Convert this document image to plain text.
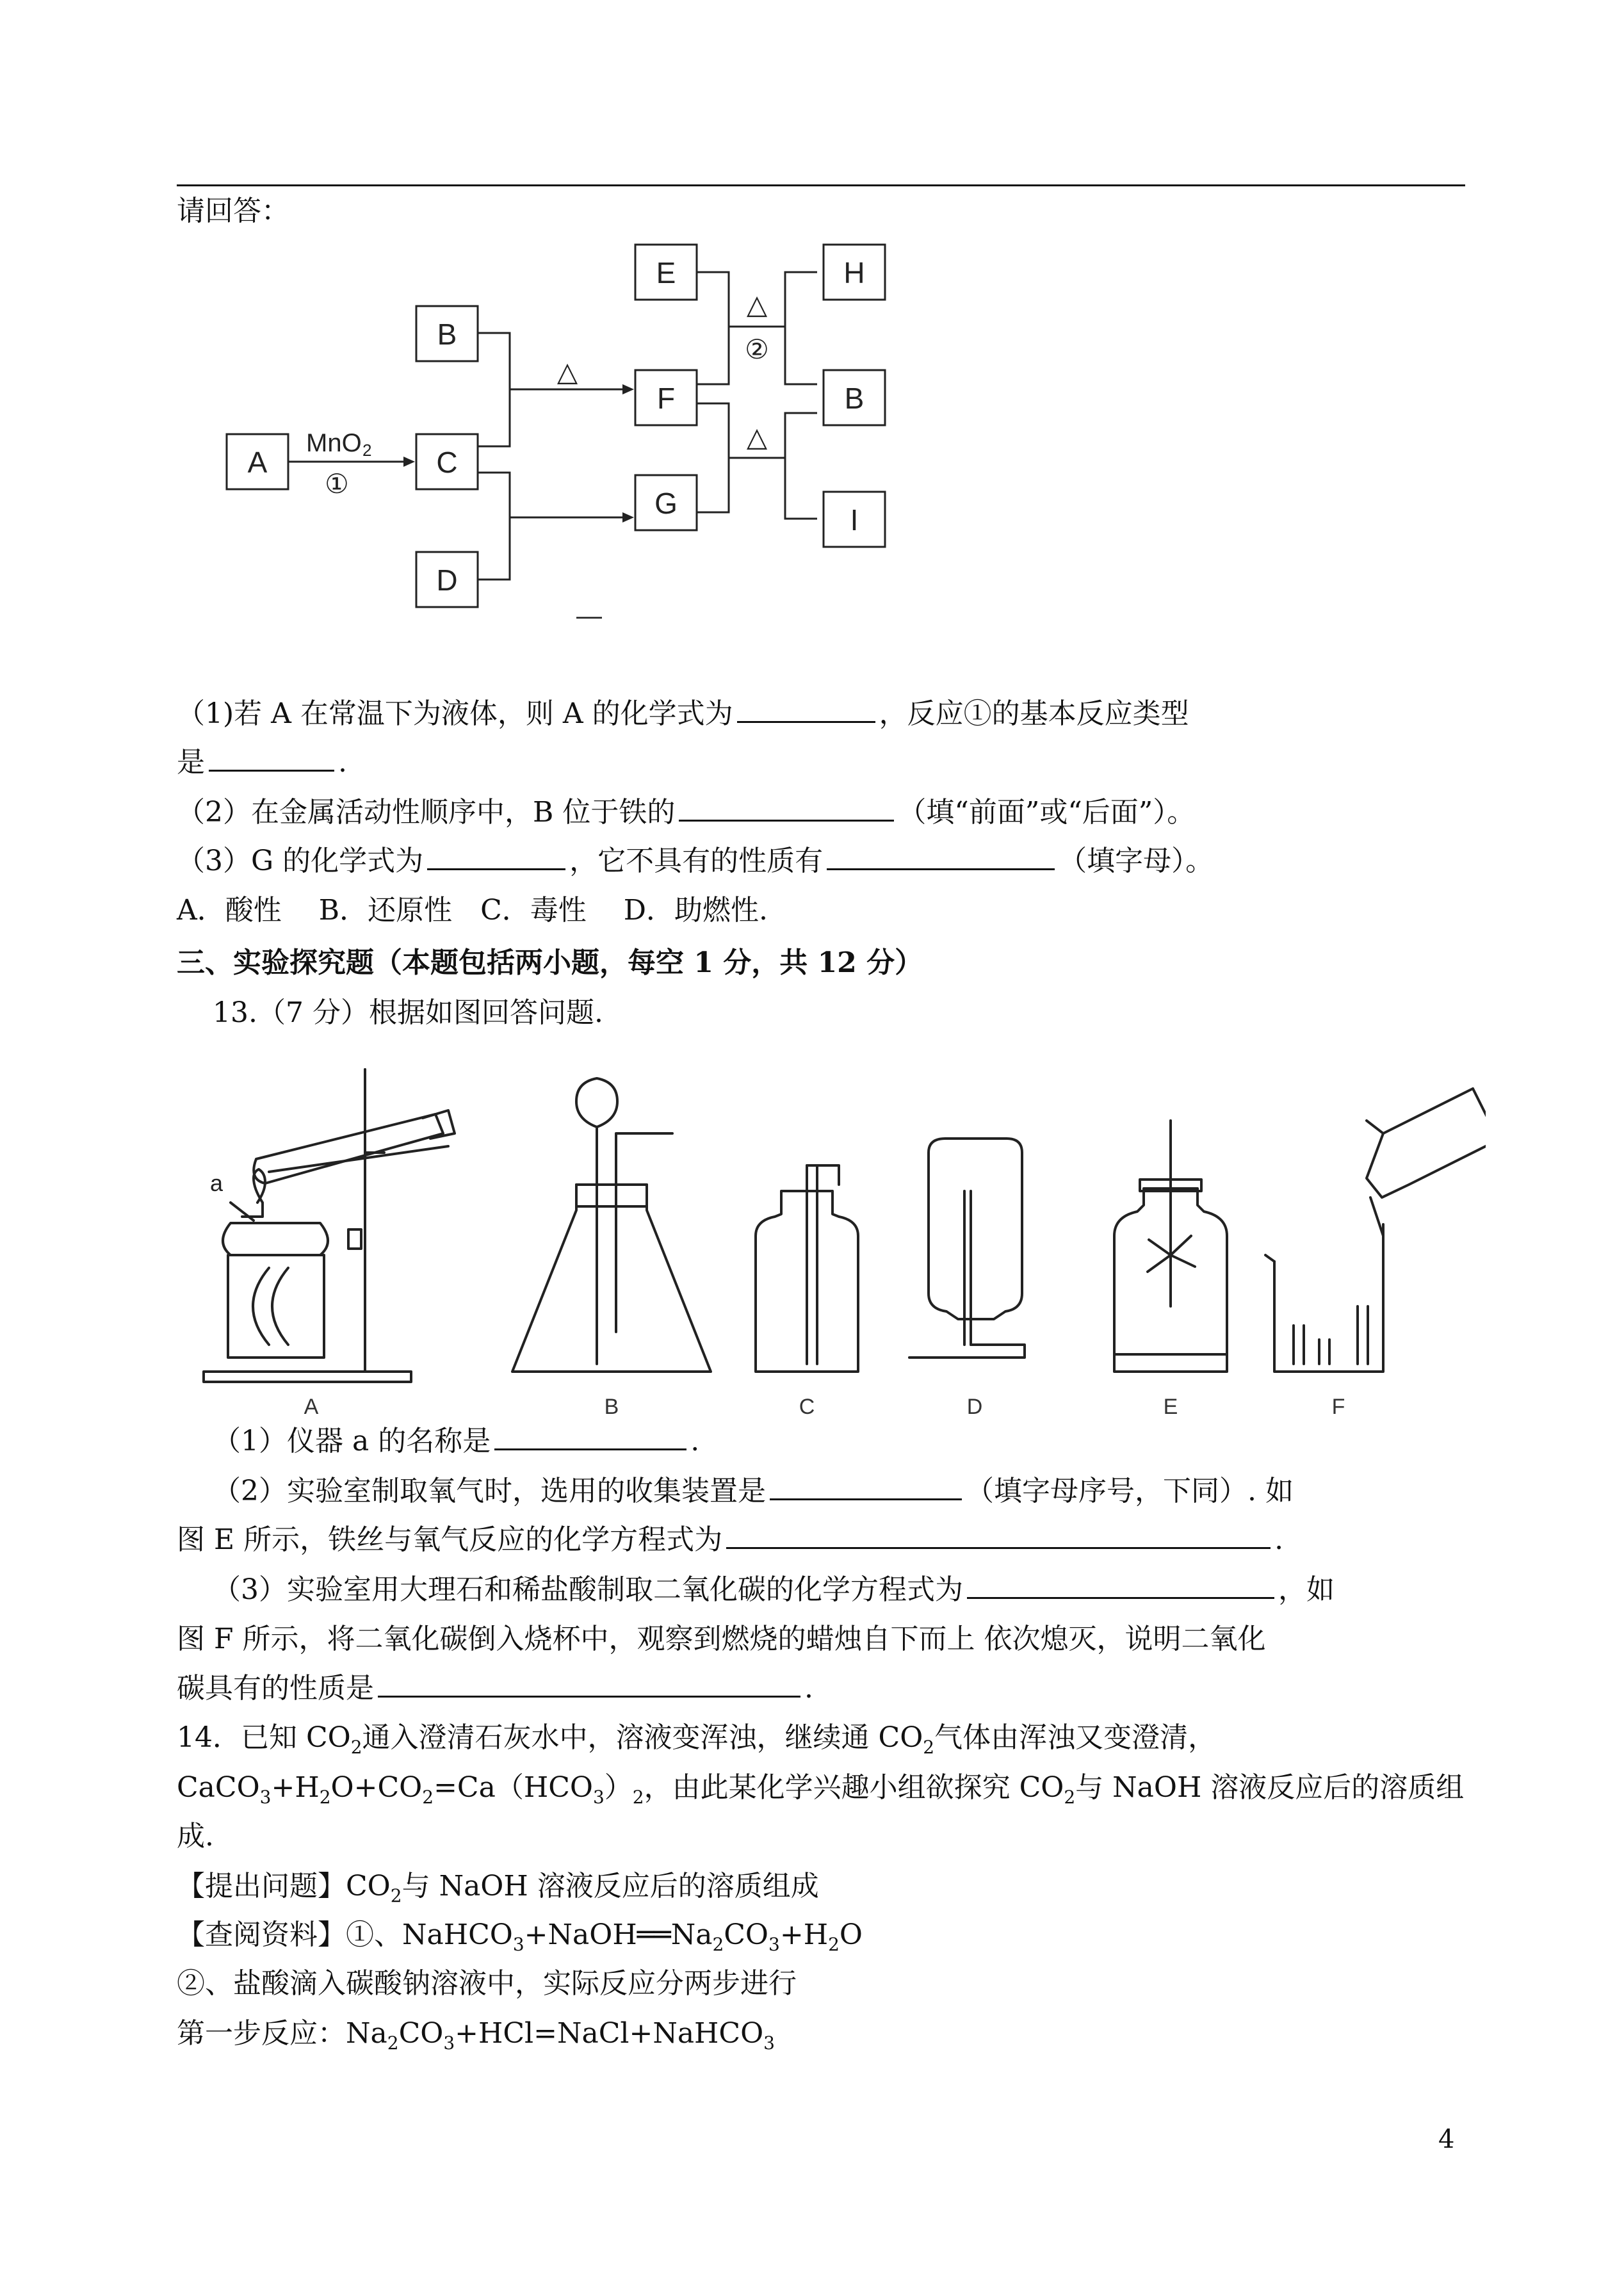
请回答：
A
B
C
D
E
F
G
H
B
I
MnO 2
①
△
△
②
△
—
（1)若 A 在常温下为液体，则 A 的化学式为	，反应①的基本反应类型
是	.
（2）在金属活动性顺序中，B 位于铁的	（填“前面”或“后面”）。
（3）G 的化学式为	，它不具有的性质有	（填字母）。
A．酸性　 B．还原性　C．毒性　 D．助燃性.
三、实验探究题（本题包括两小题，每空 1 分，共 12 分）
13.（7 分）根据如图回答问题.
a
A	B	C	D	E	F
（1）仪器 a 的名称是	.
（2）实验室制取氧气时，选用的收集装置是	（填字母序号，下同）. 如
图 E 所示，铁丝与氧气反应的化学方程式为	.
（3）实验室用大理石和稀盐酸制取二氧化碳的化学方程式为	，如
图 F 所示，将二氧化碳倒入烧杯中，观察到燃烧的蜡烛自下而上 依次熄灭，说明二氧化
碳具有的性质是	.
14．已知 $CO_2$通入澄清石灰水中，溶液变浑浊，继续通 $CO_2$气体由浑浊又变澄清，
$CaCO_3+H_2O+CO_2=Ca(HCO_3)_2$，由此某化学兴趣小组欲探究 $CO_2$与 NaOH 溶液反应后的溶质组
成.
【提出问题】$CO_2$与 NaOH 溶液反应后的溶质组成
【查阅资料】①、$NaHCO_3+NaOH══Na_2CO_3+H_2O$
②、盐酸滴入碳酸钠溶液中，实际反应分两步进行
第一步反应：$Na_2CO_3+HCl=NaCl+NaHCO_3$
4
